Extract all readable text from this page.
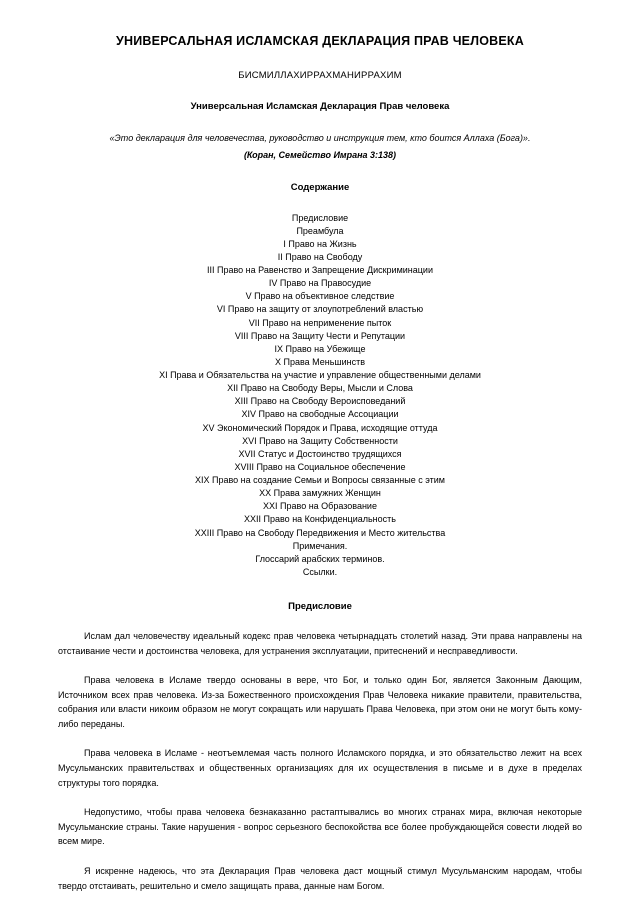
УНИВЕРСАЛЬНАЯ ИСЛАМСКАЯ ДЕКЛАРАЦИЯ ПРАВ ЧЕЛОВЕКА

БИСМИЛЛАХИРРАХМАНИРРАХИМ

Универсальная Исламская Декларация Прав человека

«Это декларация для человечества, руководство и инструкция тем, кто боится Аллаха (Бога)».

(Коран, Семейство Имрана 3:138)

Содержание

Предисловие
Преамбула
I Право на Жизнь
II Право на Свободу
III Право на Равенство и Запрещение Дискриминации
IV Право на Правосудие
V Право на объективное следствие
VI Право на защиту от злоупотреблений властью
VII Право на неприменение пыток
VIII Право на Защиту Чести и Репутации
IX Право на Убежище
X Права Меньшинств
XI Права и Обязательства на участие и управление общественными делами
XII Право на Свободу Веры, Мысли и Слова
XIII Право на Свободу Вероисповеданий
XIV Право на свободные Ассоциации
XV Экономический Порядок и Права, исходящие оттуда
XVI Право на Защиту Собственности
XVII Статус и Достоинство трудящихся
XVIII Право на Социальное обеспечение
XIX Право на создание Семьи и Вопросы связанные с этим
XX Права замужних Женщин
XXI Право на Образование
XXII Право на Конфиденциальность
XXIII Право на Свободу Передвижения и Место жительства
Примечания.
Глоссарий арабских терминов.
Ссылки.

Предисловие

Ислам дал человечеству идеальный кодекс прав человека четырнадцать столетий назад. Эти права направлены на отстаивание чести и достоинства человека, для устранения эксплуатации, притеснений и несправедливости.

Права человека в Исламе твердо основаны в вере, что Бог, и только один Бог, является Законным Дающим, Источником всех прав человека. Из-за Божественного происхождения Прав Человека никакие правители, правительства, собрания или власти никоим образом не могут сокращать или нарушать Права Человека, при этом они не могут быть кому-либо переданы.

Права человека в Исламе - неотъемлемая часть полного Исламского порядка, и это обязательство лежит на всех Мусульманских правительствах и общественных организациях для их осуществления в письме и в духе в пределах структуры того порядка.

Недопустимо, чтобы права человека безнаказанно растаптывались во многих странах мира, включая некоторые Мусульманские страны. Такие нарушения - вопрос серьезного беспокойства все более пробуждающейся совести людей во всем мире.

Я искренне надеюсь, что эта Декларация Прав человека даст мощный стимул Мусульманским народам, чтобы твердо отстаивать, решительно и смело защищать права, данные нам Богом.
